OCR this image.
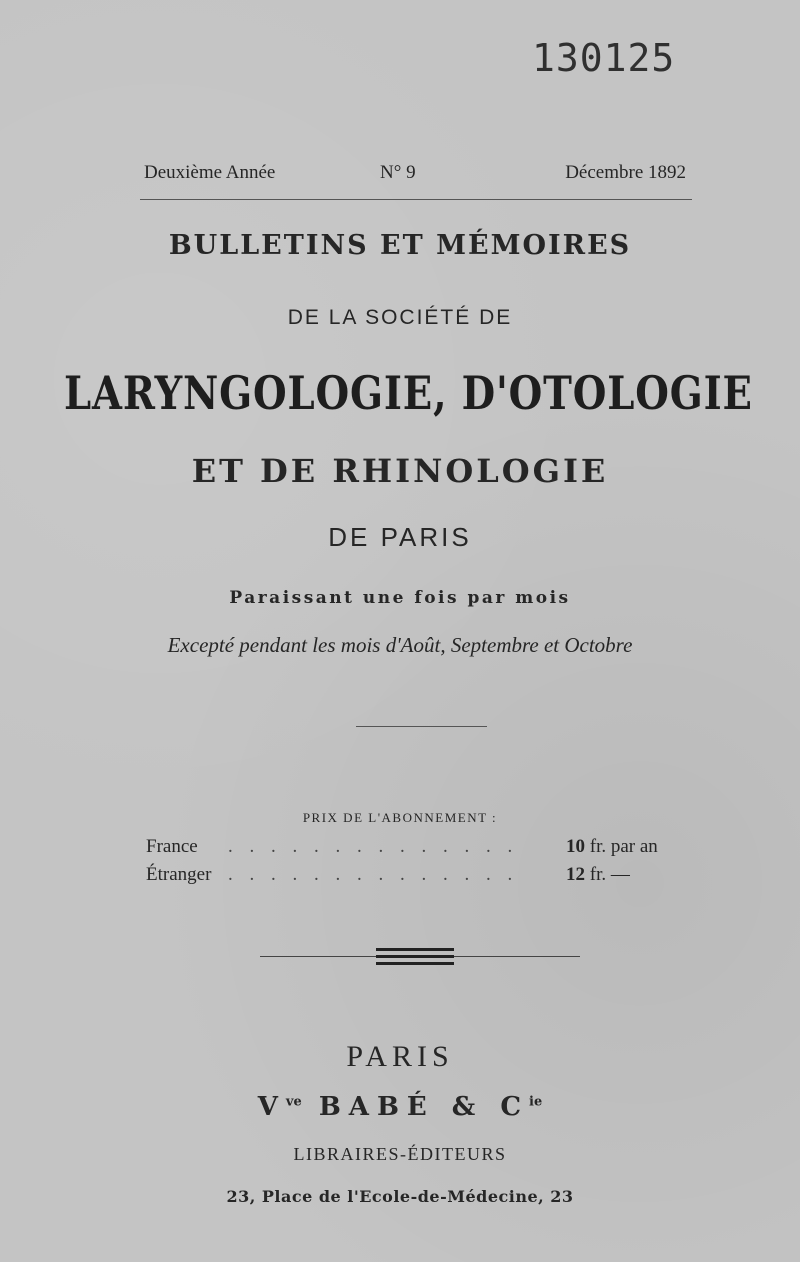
130125
Deuxième Année	N° 9	Décembre 1892
BULLETINS ET MÉMOIRES
DE LA SOCIÉTÉ DE
LARYNGOLOGIE, D'OTOLOGIE
ET DE RHINOLOGIE
DE PARIS
Paraissant une fois par mois
Excepté pendant les mois d'Août, Septembre et Octobre
PRIX DE L'ABONNEMENT :
France . . . . . . . . . . . . . .	10 fr. par an
Étranger . . . . . . . . . . . . . .	12 fr. —
PARIS
$V^{ve}$ BABÉ & $C^{ie}$
LIBRAIRES-ÉDITEURS
23, Place de l'Ecole-de-Médecine, 23
